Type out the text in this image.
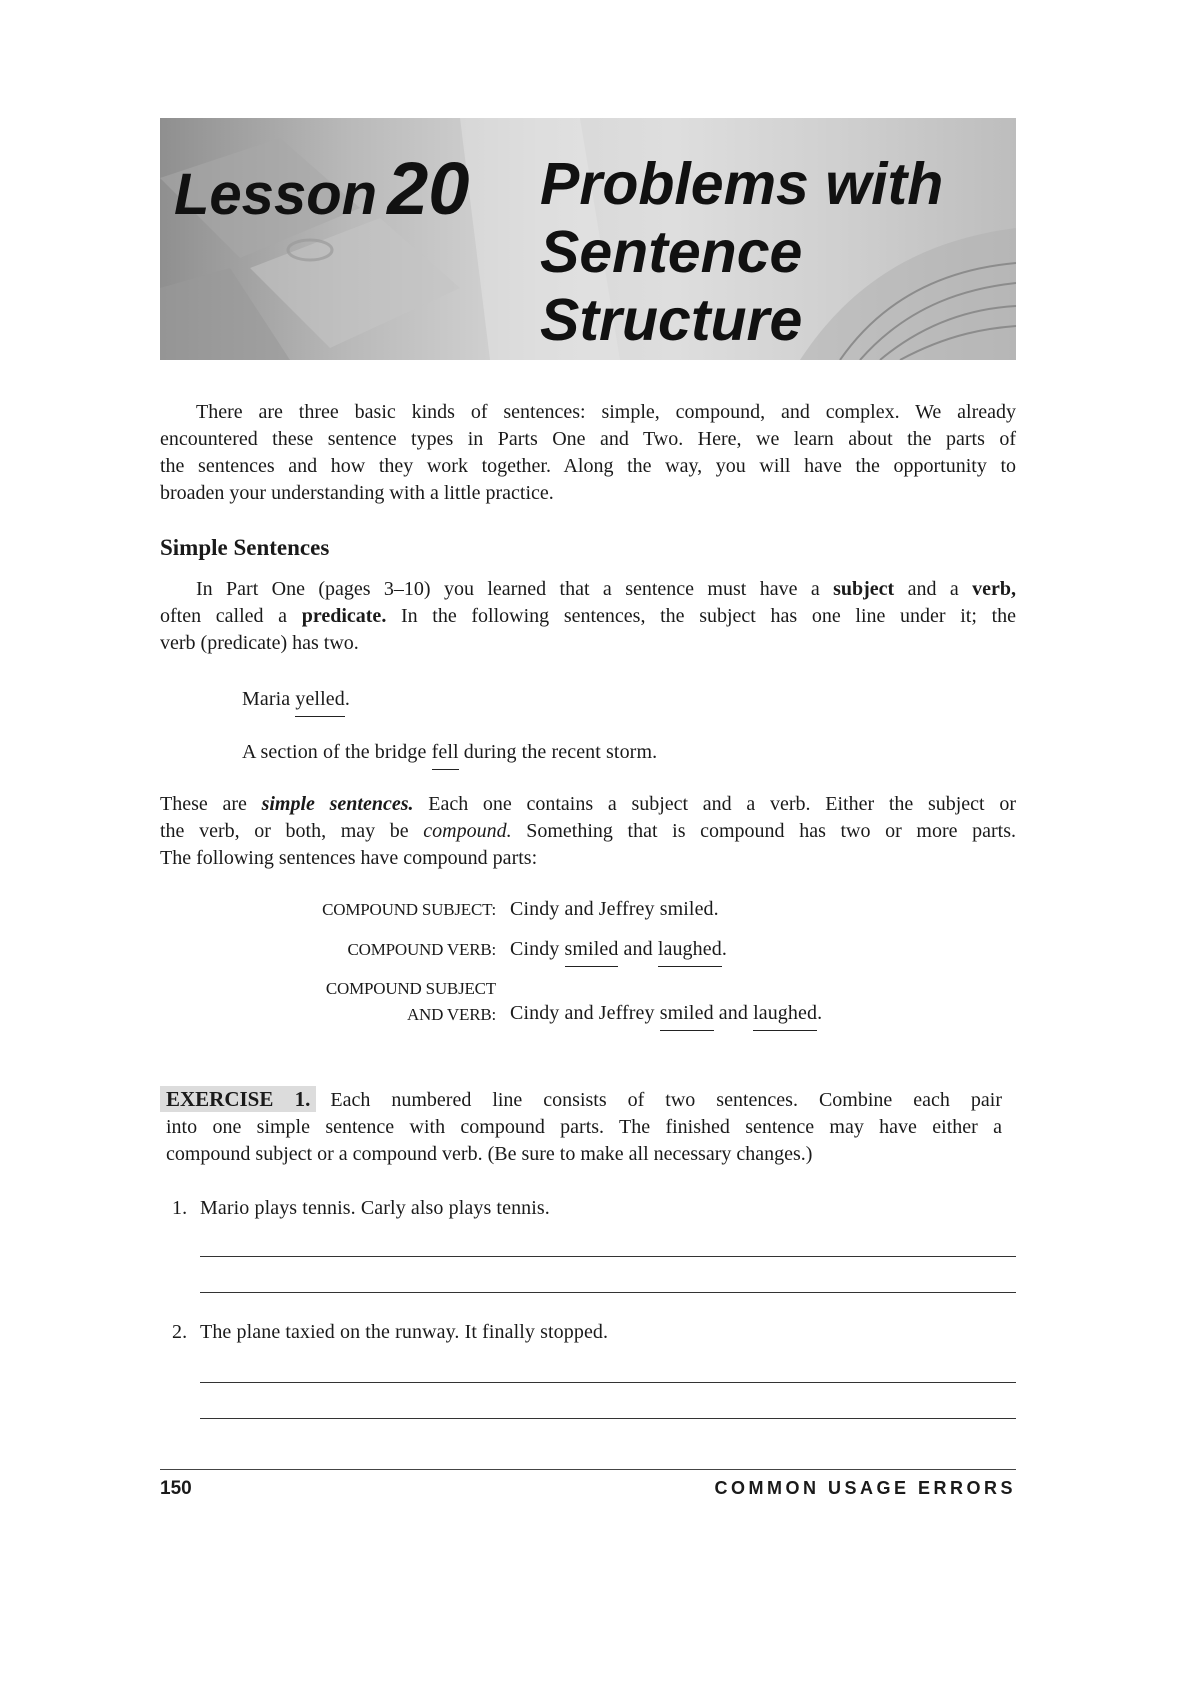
Lesson 20 Problems with
Sentence
Structure
There are three basic kinds of sentences: simple, compound, and complex. We already
encountered these sentence types in Parts One and Two. Here, we learn about the parts of
the sentences and how they work together. Along the way, you will have the opportunity to
broaden your understanding with a little practice.
Simple Sentences
In Part One (pages 3–10) you learned that a sentence must have a subject and a verb,
often called a predicate. In the following sentences, the subject has one line under it; the
verb (predicate) has two.
Maria yelled.
A section of the bridge fell during the recent storm.
These are simple sentences. Each one contains a subject and a verb. Either the subject or
the verb, or both, may be compound. Something that is compound has two or more parts.
The following sentences have compound parts:
COMPOUND SUBJECT: Cindy and Jeffrey smiled.
COMPOUND VERB: Cindy smiled and laughed.
COMPOUND SUBJECT
AND VERB: Cindy and Jeffrey smiled and laughed.
EXERCISE 1. Each numbered line consists of two sentences. Combine each pair
into one simple sentence with compound parts. The finished sentence may have either a
compound subject or a compound verb. (Be sure to make all necessary changes.)
1. Mario plays tennis. Carly also plays tennis.
2. The plane taxied on the runway. It finally stopped.
150	COMMON USAGE ERRORS
